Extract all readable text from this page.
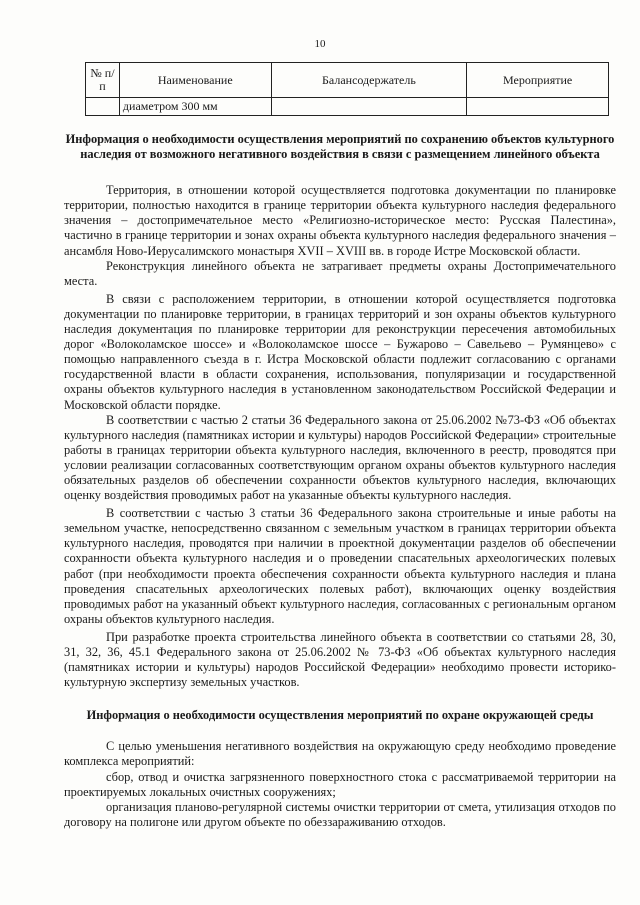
10
№ п/п	Наименование	Балансодержатель	Мероприятие
	диаметром 300 мм		

Информация о необходимости осуществления мероприятий по сохранению объектов культурного наследия от возможного негативного воздействия в связи с размещением линейного объекта

Территория, в отношении которой осуществляется подготовка документации по планировке территории, полностью находится в границе территории объекта культурного наследия федерального значения – достопримечательное место «Религиозно-историческое место: Русская Палестина», частично в границе территории и зонах охраны объекта культурного наследия федерального значения – ансамбля Ново-Иерусалимского монастыря XVII – XVIII вв. в городе Истре Московской области.

Реконструкция линейного объекта не затрагивает предметы охраны Достопримечательного места.

В связи с расположением территории, в отношении которой осуществляется подготовка документации по планировке территории, в границах территорий и зон охраны объектов культурного наследия документация по планировке территории для реконструкции пересечения автомобильных дорог «Волоколамское шоссе» и «Волоколамское шоссе – Бужарово – Савельево – Румянцево» с помощью направленного съезда в г. Истра Московской области подлежит согласованию с органами государственной власти в области сохранения, использования, популяризации и государственной охраны объектов культурного наследия в установленном законодательством Российской Федерации и Московской области порядке.

В соответствии с частью 2 статьи 36 Федерального закона от 25.06.2002 №73-ФЗ «Об объектах культурного наследия (памятниках истории и культуры) народов Российской Федерации» строительные работы в границах территории объекта культурного наследия, включенного в реестр, проводятся при условии реализации согласованных соответствующим органом охраны объектов культурного наследия обязательных разделов об обеспечении сохранности объектов культурного наследия, включающих оценку воздействия проводимых работ на указанные объекты культурного наследия.

В соответствии с частью 3 статьи 36 Федерального закона строительные и иные работы на земельном участке, непосредственно связанном с земельным участком в границах территории объекта культурного наследия, проводятся при наличии в проектной документации разделов об обеспечении сохранности объекта культурного наследия и о проведении спасательных археологических полевых работ (при необходимости проекта обеспечения сохранности объекта культурного наследия и плана проведения спасательных археологических полевых работ), включающих оценку воздействия проводимых работ на указанный объект культурного наследия, согласованных с региональным органом охраны объектов культурного наследия.

При разработке проекта строительства линейного объекта в соответствии со статьями 28, 30, 31, 32, 36, 45.1 Федерального закона от 25.06.2002 № 73-ФЗ «Об объектах культурного наследия (памятниках истории и культуры) народов Российской Федерации» необходимо провести историко-культурную экспертизу земельных участков.

Информация о необходимости осуществления мероприятий по охране окружающей среды

С целью уменьшения негативного воздействия на окружающую среду необходимо проведение комплекса мероприятий:

сбор, отвод и очистка загрязненного поверхностного стока с рассматриваемой территории на проектируемых локальных очистных сооружениях;

организация планово-регулярной системы очистки территории от смета, утилизация отходов по договору на полигоне или другом объекте по обеззараживанию отходов.
